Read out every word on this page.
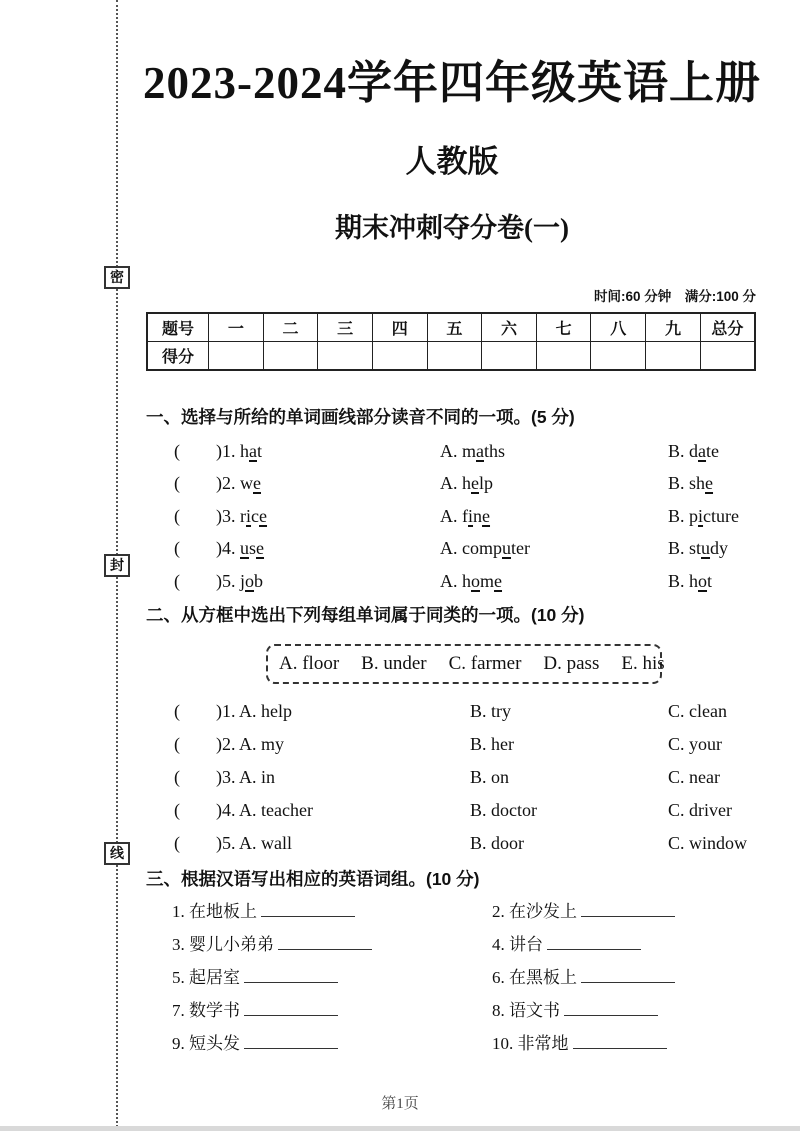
密
封
线
2023-2024学年四年级英语上册
人教版
期末冲刺夺分卷(一)
时间:60 分钟　满分:100 分
题号	一	二	三	四	五	六	七	八	九	总分
得分										
一、选择与所给的单词画线部分读音不同的一项。(5 分)
( )1. hat	A. maths	B. date
( )2. we	A. help	B. she
( )3. rice	A. fine	B. picture
( )4. use	A. computer	B. study
( )5. job	A. home	B. hot
二、从方框中选出下列每组单词属于同类的一项。(10 分)
A. floor B. under C. farmer D. pass E. his
( )1. A. help	B. try	C. clean
( )2. A. my	B. her	C. your
( )3. A. in	B. on	C. near
( )4. A. teacher	B. doctor	C. driver
( )5. A. wall	B. door	C. window
三、根据汉语写出相应的英语词组。(10 分)
1. 在地板上	2. 在沙发上
3. 婴儿小弟弟	4. 讲台
5. 起居室	6. 在黑板上
7. 数学书	8. 语文书
9. 短头发	10. 非常地
第1页
